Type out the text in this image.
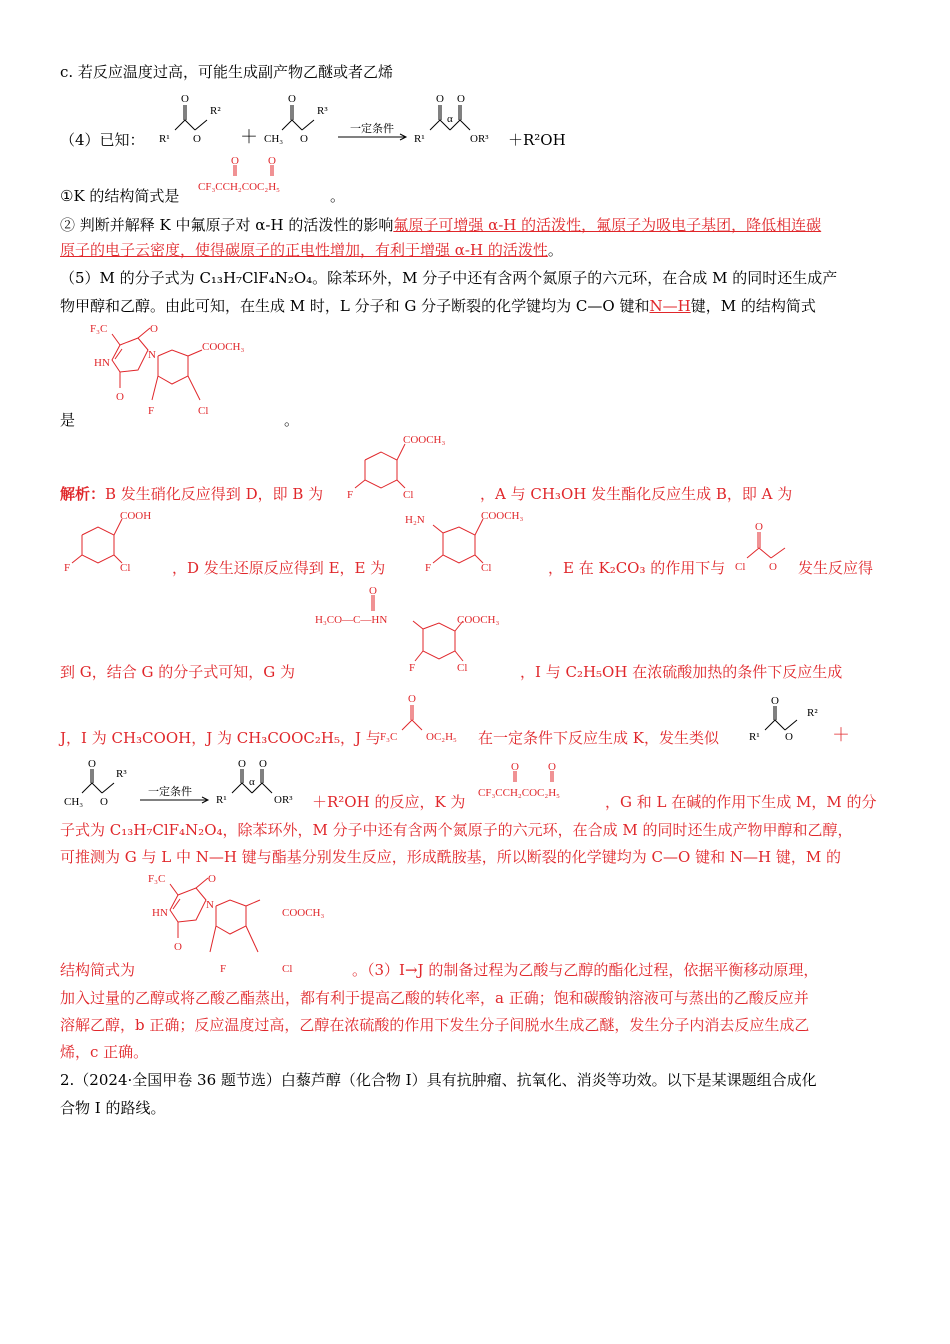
c. 若反应温度过高，可能生成副产物乙醚或者乙烯
（4）已知：
O
R¹ O
R²
＋
O
CH₃ O
R³
一定条件
O O
α
R¹	OR³ ＋R²OH
①K 的结构简式是
O	O
CF₃CCH₂COC₂H₅	。
② 判断并解释 K 中氟原子对 α-H 的活泼性的影响氟原子可增强 α-H 的活泼性，氟原子为吸电子基团，降低相连碳
原子的电子云密度，使得碳原子的正电性增加，有利于增强 α-H 的活泼性。
（5）M 的分子式为 C₁₃H₇ClF₄N₂O₄。除苯环外，M 分子中还有含两个氮原子的六元环，在合成 M 的同时还生成产
物甲醇和乙醇。由此可知，在生成 M 时，L 分子和 G 分子断裂的化学键均为 C—O 键和N—H键，M 的结构简式
F₃C	O
HN
N
O
COOCH₃
F	Cl
是	。
COOCH₃
F	Cl
解析：B 发生硝化反应得到 D，即 B 为	，A 与 CH₃OH 发生酯化反应生成 B，即 A 为
COOH
F	Cl	，D 发生还原反应得到 E，E 为
H₂N	COOCH₃
F	Cl	，E 在 K₂CO₃ 的作用下与
O
Cl O 发生反应得
H₃CO—C—HN
O
COOCH₃
F	Cl
到 G，结合 G 的分子式可知，G 为	，I 与 C₂H₅OH 在浓硫酸加热的条件下反应生成
J，I 为 CH₃COOH，J 为 CH₃COOC₂H₅，J 与
O
F₃C	OC₂H₅ 在一定条件下反应生成 K，发生类似
O
R¹ O
R²
＋
O
CH₃ O
R³
一定条件
O O
α
R¹	OR³ ＋R²OH 的反应，K 为
O	O
CF₃CCH₂COC₂H₅	，G 和 L 在碱的作用下生成 M，M 的分
子式为 C₁₃H₇ClF₄N₂O₄，除苯环外，M 分子中还有含两个氮原子的六元环，在合成 M 的同时还生成产物甲醇和乙醇，
可推测为 G 与 L 中 N—H 键与酯基分别发生反应，形成酰胺基，所以断裂的化学键均为 C—O 键和 N—H 键，M 的
F₃C	O
HN
N
O
COOCH₃
F	Cl
结构简式为	。（3）I→J 的制备过程为乙酸与乙醇的酯化过程，依据平衡移动原理，
加入过量的乙醇或将乙酸乙酯蒸出，都有利于提高乙酸的转化率，a 正确；饱和碳酸钠溶液可与蒸出的乙酸反应并
溶解乙醇，b 正确；反应温度过高，乙醇在浓硫酸的作用下发生分子间脱水生成乙醚，发生分子内消去反应生成乙
烯，c 正确。
2.（2024·全国甲卷 36 题节选）白藜芦醇（化合物 I）具有抗肿瘤、抗氧化、消炎等功效。以下是某课题组合成化
合物 I 的路线。
